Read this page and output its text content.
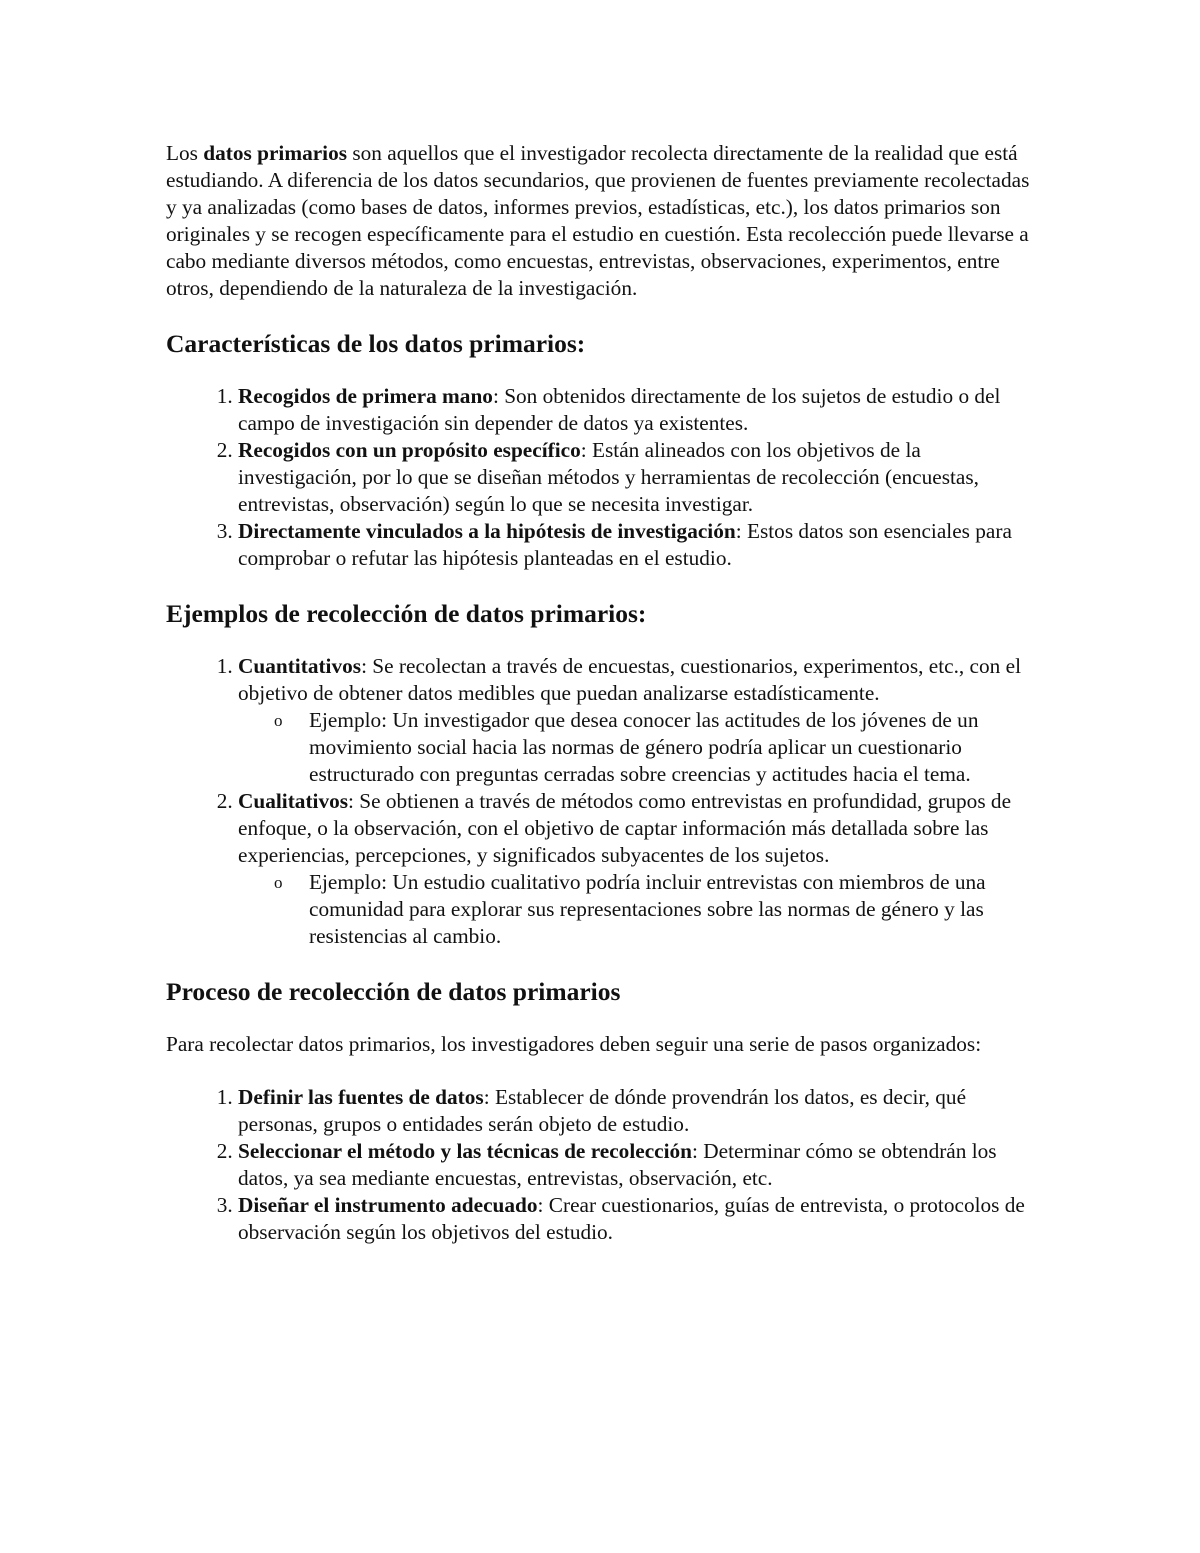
Los datos primarios son aquellos que el investigador recolecta directamente de la realidad que está estudiando. A diferencia de los datos secundarios, que provienen de fuentes previamente recolectadas y ya analizadas (como bases de datos, informes previos, estadísticas, etc.), los datos primarios son originales y se recogen específicamente para el estudio en cuestión. Esta recolección puede llevarse a cabo mediante diversos métodos, como encuestas, entrevistas, observaciones, experimentos, entre otros, dependiendo de la naturaleza de la investigación.

Características de los datos primarios:
1. Recogidos de primera mano: Son obtenidos directamente de los sujetos de estudio o del campo de investigación sin depender de datos ya existentes.
2. Recogidos con un propósito específico: Están alineados con los objetivos de la investigación, por lo que se diseñan métodos y herramientas de recolección (encuestas, entrevistas, observación) según lo que se necesita investigar.
3. Directamente vinculados a la hipótesis de investigación: Estos datos son esenciales para comprobar o refutar las hipótesis planteadas en el estudio.
Ejemplos de recolección de datos primarios:
1. Cuantitativos: Se recolectan a través de encuestas, cuestionarios, experimentos, etc., con el objetivo de obtener datos medibles que puedan analizarse estadísticamente.
o Ejemplo: Un investigador que desea conocer las actitudes de los jóvenes de un movimiento social hacia las normas de género podría aplicar un cuestionario estructurado con preguntas cerradas sobre creencias y actitudes hacia el tema.
2. Cualitativos: Se obtienen a través de métodos como entrevistas en profundidad, grupos de enfoque, o la observación, con el objetivo de captar información más detallada sobre las experiencias, percepciones, y significados subyacentes de los sujetos.
o Ejemplo: Un estudio cualitativo podría incluir entrevistas con miembros de una comunidad para explorar sus representaciones sobre las normas de género y las resistencias al cambio.
Proceso de recolección de datos primarios

Para recolectar datos primarios, los investigadores deben seguir una serie de pasos organizados:

1. Definir las fuentes de datos: Establecer de dónde provendrán los datos, es decir, qué personas, grupos o entidades serán objeto de estudio.
2. Seleccionar el método y las técnicas de recolección: Determinar cómo se obtendrán los datos, ya sea mediante encuestas, entrevistas, observación, etc.
3. Diseñar el instrumento adecuado: Crear cuestionarios, guías de entrevista, o protocolos de observación según los objetivos del estudio.
